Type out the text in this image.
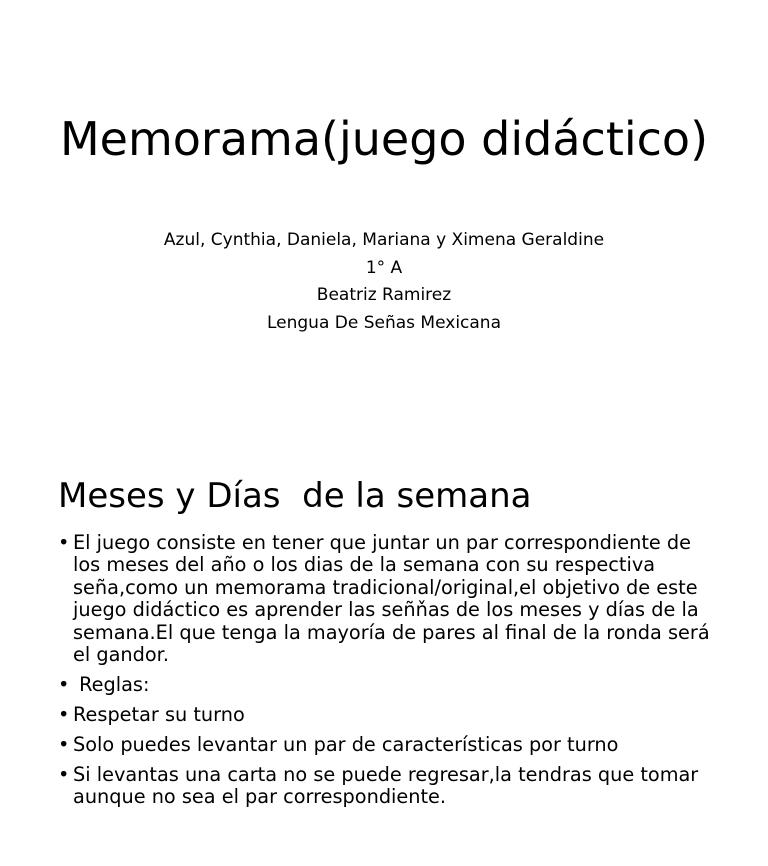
Memorama(juego didáctico)
Azul, Cynthia, Daniela, Mariana y Ximena Geraldine
1° A
Beatriz Ramirez
Lengua De Señas Mexicana
Meses y Días  de la semana
• El juego consiste en tener que juntar un par correspondiente de los meses del año o los dias de la semana con su respectiva seña,como un memorama tradicional/original,el objetivo de este juego didáctico es aprender las señňas de los meses y días de la semana.El que tenga la mayoría de pares al final de la ronda será el gandor.
• Reglas:
• Respetar su turno
• Solo puedes levantar un par de características por turno
• Si levantas una carta no se puede regresar,la tendras que tomar aunque no sea el par correspondiente.
